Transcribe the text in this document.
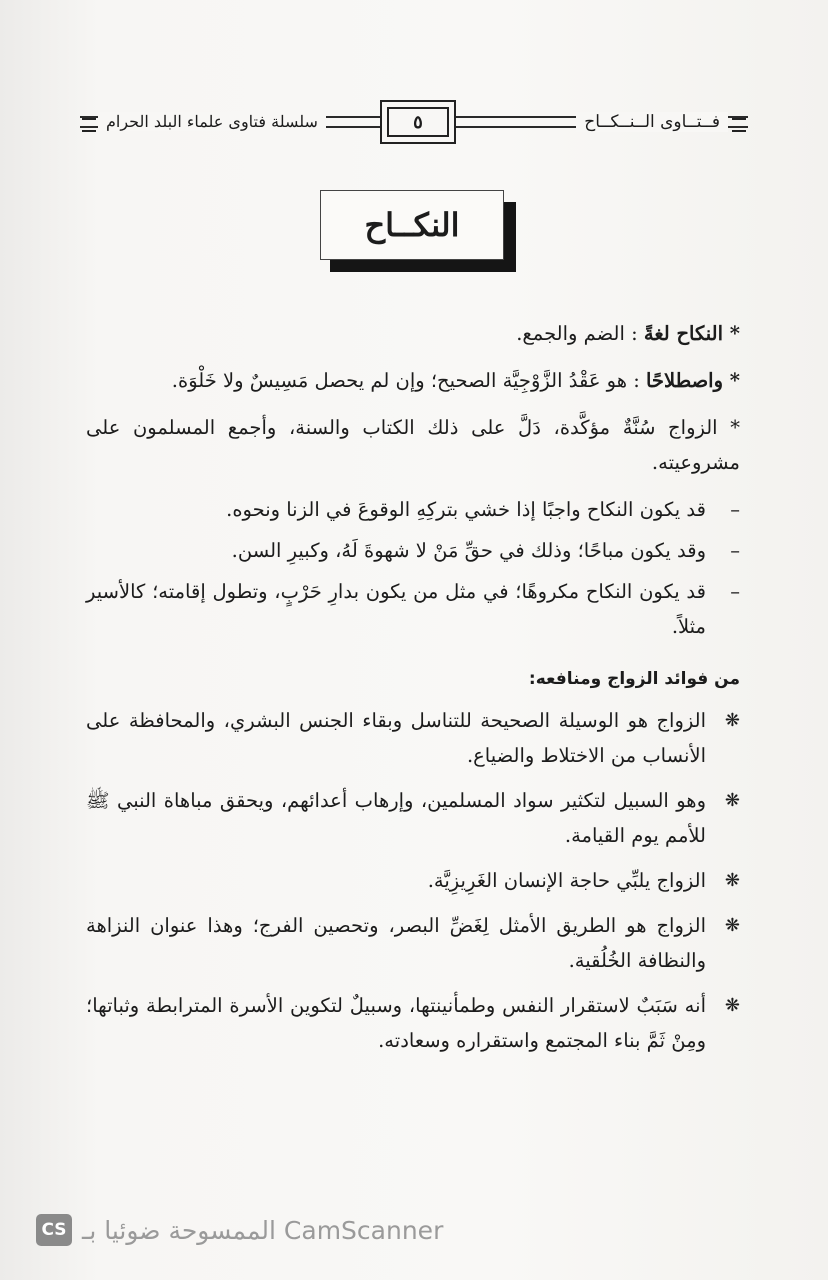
فــتــاوى الــنــكــاح
سلسلة فتاوى علماء البلد الحرام	٥
النكــاح

* النكاح لغةً : الضم والجمع.

* واصطلاحًا : هو عَقْدُ الزَّوْجِيَّة الصحيح؛ وإن لم يحصل مَسِيسٌ ولا خَلْوَة.

* الزواج سُنَّةٌ مؤكَّدة، دَلَّ على ذلك الكتاب والسنة، وأجمع المسلمون على مشروعيته.

–
قد يكون النكاح واجبًا إذا خشي بتركِهِ الوقوعَ في الزنا ونحوه.
–
وقد يكون مباحًا؛ وذلك في حقِّ مَنْ لا شهوةَ لَهُ، وكبيرِ السن.
–
قد يكون النكاح مكروهًا؛ في مثل من يكون بدارِ حَرْبٍ، وتطول إقامته؛ كالأسير مثلاً.
من فوائد الزواج ومنافعه:
❋
الزواج هو الوسيلة الصحيحة للتناسل وبقاء الجنس البشري، والمحافظة على الأنساب من الاختلاط والضياع.
❋
وهو السبيل لتكثير سواد المسلمين، وإرهاب أعدائهم، ويحقق مباهاة النبي ﷺ للأمم يوم القيامة.
❋
الزواج يلبِّي حاجة الإنسان الغَرِيزِيَّة.
❋
الزواج هو الطريق الأمثل لِغَضِّ البصر، وتحصين الفرج؛ وهذا عنوان النزاهة والنظافة الخُلُقية.
❋
أنه سَبَبٌ لاستقرار النفس وطمأنينتها، وسبيلٌ لتكوين الأسرة المترابطة وثباتها؛ ومِنْ ثَمَّ بناء المجتمع واستقراره وسعادته.
CS الممسوحة ضوئيا بـ CamScanner
